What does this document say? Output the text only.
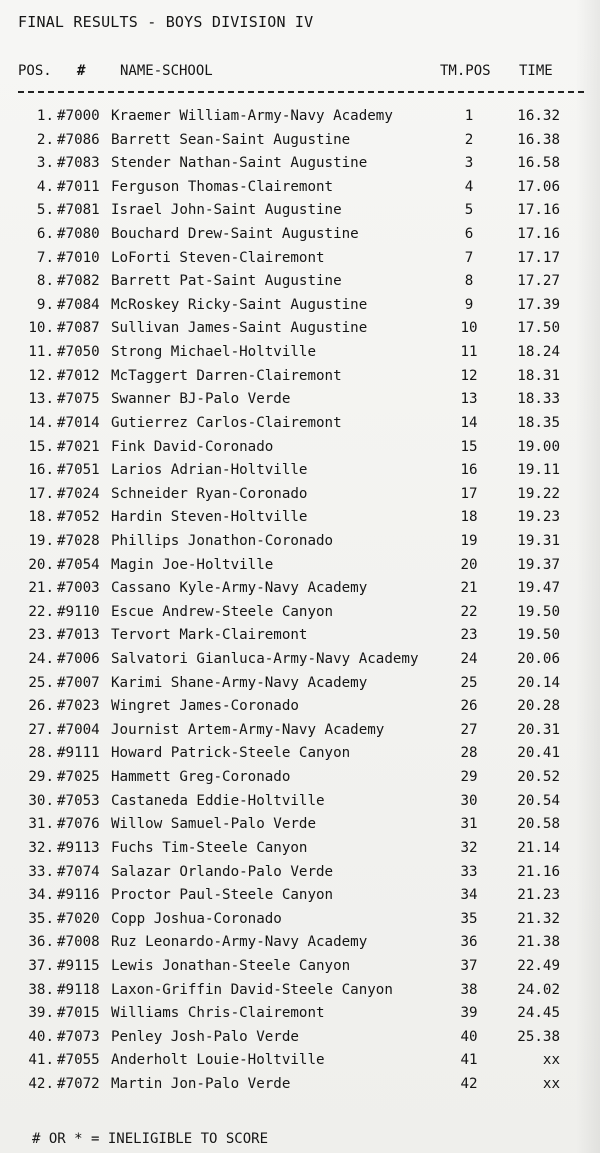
FINAL RESULTS - BOYS DIVISION IV
POS. # NAME-SCHOOL	TM.POS TIME
1. #7000 Kraemer William-Army-Navy Academy	1	16.32
2. #7086 Barrett Sean-Saint Augustine	2	16.38
3. #7083 Stender Nathan-Saint Augustine	3	16.58
4. #7011 Ferguson Thomas-Clairemont	4	17.06
5. #7081 Israel John-Saint Augustine	5	17.16
6. #7080 Bouchard Drew-Saint Augustine	6	17.16
7. #7010 LoForti Steven-Clairemont	7	17.17
8. #7082 Barrett Pat-Saint Augustine	8	17.27
9. #7084 McRoskey Ricky-Saint Augustine	9	17.39
10. #7087 Sullivan James-Saint Augustine	10	17.50
11. #7050 Strong Michael-Holtville	11	18.24
12. #7012 McTaggert Darren-Clairemont	12	18.31
13. #7075 Swanner BJ-Palo Verde	13	18.33
14. #7014 Gutierrez Carlos-Clairemont	14	18.35
15. #7021 Fink David-Coronado	15	19.00
16. #7051 Larios Adrian-Holtville	16	19.11
17. #7024 Schneider Ryan-Coronado	17	19.22
18. #7052 Hardin Steven-Holtville	18	19.23
19. #7028 Phillips Jonathon-Coronado	19	19.31
20. #7054 Magin Joe-Holtville	20	19.37
21. #7003 Cassano Kyle-Army-Navy Academy	21	19.47
22. #9110 Escue Andrew-Steele Canyon	22	19.50
23. #7013 Tervort Mark-Clairemont	23	19.50
24. #7006 Salvatori Gianluca-Army-Navy Academy	24	20.06
25. #7007 Karimi Shane-Army-Navy Academy	25	20.14
26. #7023 Wingret James-Coronado	26	20.28
27. #7004 Journist Artem-Army-Navy Academy	27	20.31
28. #9111 Howard Patrick-Steele Canyon	28	20.41
29. #7025 Hammett Greg-Coronado	29	20.52
30. #7053 Castaneda Eddie-Holtville	30	20.54
31. #7076 Willow Samuel-Palo Verde	31	20.58
32. #9113 Fuchs Tim-Steele Canyon	32	21.14
33. #7074 Salazar Orlando-Palo Verde	33	21.16
34. #9116 Proctor Paul-Steele Canyon	34	21.23
35. #7020 Copp Joshua-Coronado	35	21.32
36. #7008 Ruz Leonardo-Army-Navy Academy	36	21.38
37. #9115 Lewis Jonathan-Steele Canyon	37	22.49
38. #9118 Laxon-Griffin David-Steele Canyon	38	24.02
39. #7015 Williams Chris-Clairemont	39	24.45
40. #7073 Penley Josh-Palo Verde	40	25.38
41. #7055 Anderholt Louie-Holtville	41	xx
42. #7072 Martin Jon-Palo Verde	42	xx
# OR * = INELIGIBLE TO SCORE
